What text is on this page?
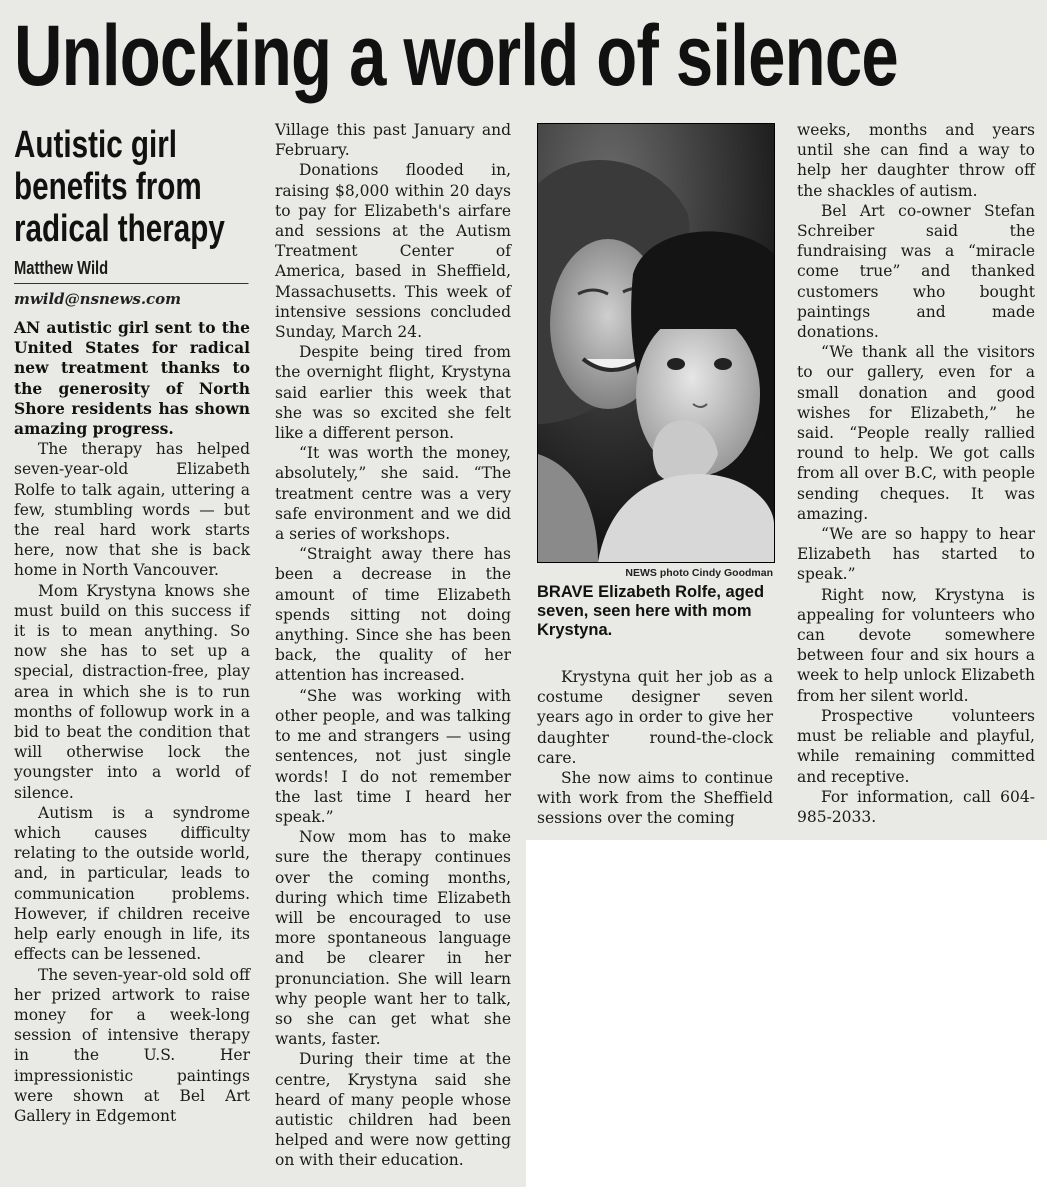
Unlocking a world of silence
Autistic girl benefits from radical therapy
Matthew Wild
mwild@nsnews.com

AN autistic girl sent to the United States for radical new treatment thanks to the generosity of North Shore residents has shown amazing progress.

The therapy has helped seven-year-old Elizabeth Rolfe to talk again, uttering a few, stumbling words — but the real hard work starts here, now that she is back home in North Vancouver.

Mom Krystyna knows she must build on this success if it is to mean anything. So now she has to set up a special, distraction-free, play area in which she is to run months of followup work in a bid to beat the condition that will otherwise lock the youngster into a world of silence.

Autism is a syndrome which causes difficulty relating to the outside world, and, in particular, leads to communication problems. However, if children receive help early enough in life, its effects can be lessened.

The seven-year-old sold off her prized artwork to raise money for a week-long session of intensive therapy in the U.S. Her impressionistic paintings were shown at Bel Art Gallery in Edgemont

Village this past January and February.

Donations flooded in, raising $8,000 within 20 days to pay for Elizabeth's airfare and sessions at the Autism Treatment Center of America, based in Sheffield, Massachusetts. This week of intensive sessions concluded Sunday, March 24.

Despite being tired from the overnight flight, Krystyna said earlier this week that she was so excited she felt like a different person.

“It was worth the money, absolutely,” she said. “The treatment centre was a very safe environment and we did a series of workshops.

“Straight away there has been a decrease in the amount of time Elizabeth spends sitting not doing anything. Since she has been back, the quality of her attention has increased.

“She was working with other people, and was talking to me and strangers — using sentences, not just single words! I do not remember the last time I heard her speak.”

Now mom has to make sure the therapy continues over the coming months, during which time Elizabeth will be encouraged to use more spontaneous language and be clearer in her pronunciation. She will learn why people want her to talk, so she can get what she wants, faster.

During their time at the centre, Krystyna said she heard of many people whose autistic children had been helped and were now getting on with their education.

NEWS photo Cindy Goodman
BRAVE Elizabeth Rolfe, aged seven, seen here with mom Krystyna.

Krystyna quit her job as a costume designer seven years ago in order to give her daughter round-the-clock care.

She now aims to continue with work from the Sheffield sessions over the coming

weeks, months and years until she can find a way to help her daughter throw off the shackles of autism.

Bel Art co-owner Stefan Schreiber said the fundraising was a “miracle come true” and thanked customers who bought paintings and made donations.

“We thank all the visitors to our gallery, even for a small donation and good wishes for Elizabeth,” he said. “People really rallied round to help. We got calls from all over B.C, with people sending cheques. It was amazing.

“We are so happy to hear Elizabeth has started to speak.”

Right now, Krystyna is appealing for volunteers who can devote somewhere between four and six hours a week to help unlock Elizabeth from her silent world.

Prospective volunteers must be reliable and playful, while remaining committed and receptive.

For information, call 604-985-2033.
